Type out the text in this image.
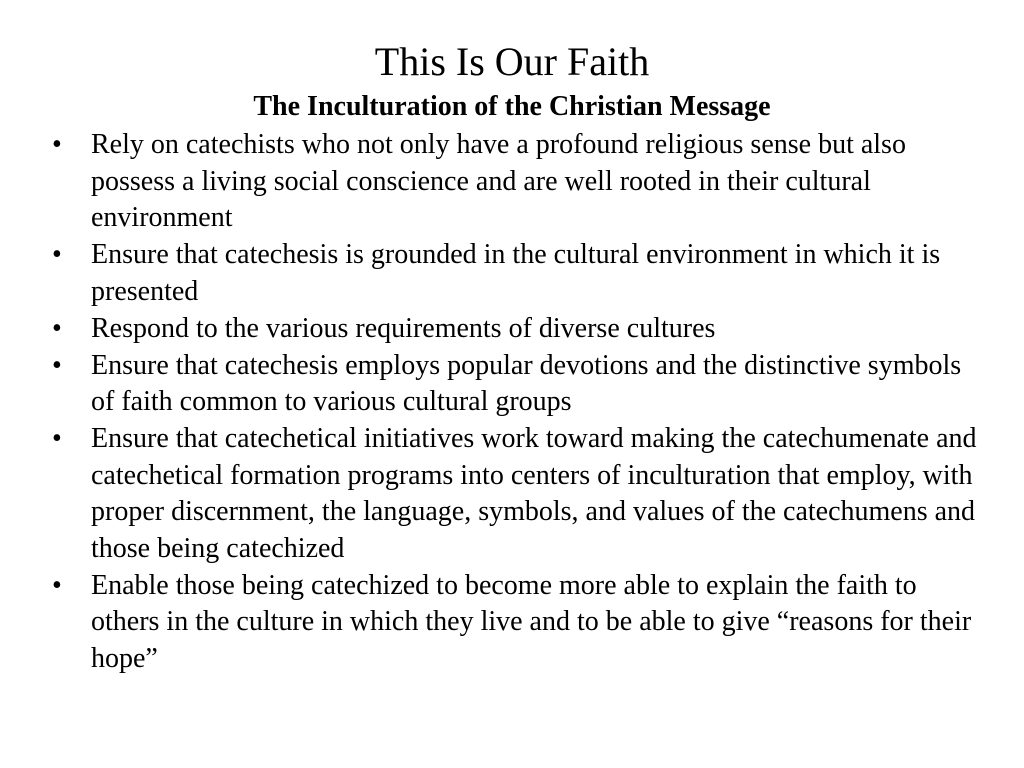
This Is Our Faith
The Inculturation of the Christian Message
• Rely on catechists who not only have a profound religious sense but also possess a living social conscience and are well rooted in their cultural environment
• Ensure that catechesis is grounded in the cultural environment in which it is presented
• Respond to the various requirements of diverse cultures
• Ensure that catechesis employs popular devotions and the distinctive symbols of faith common to various cultural groups
• Ensure that catechetical initiatives work toward making the catechumenate and catechetical formation programs into centers of inculturation that employ, with proper discernment, the language, symbols, and values of the catechumens and those being catechized
• Enable those being catechized to become more able to explain the faith to others in the culture in which they live and to be able to give “reasons for their hope”
